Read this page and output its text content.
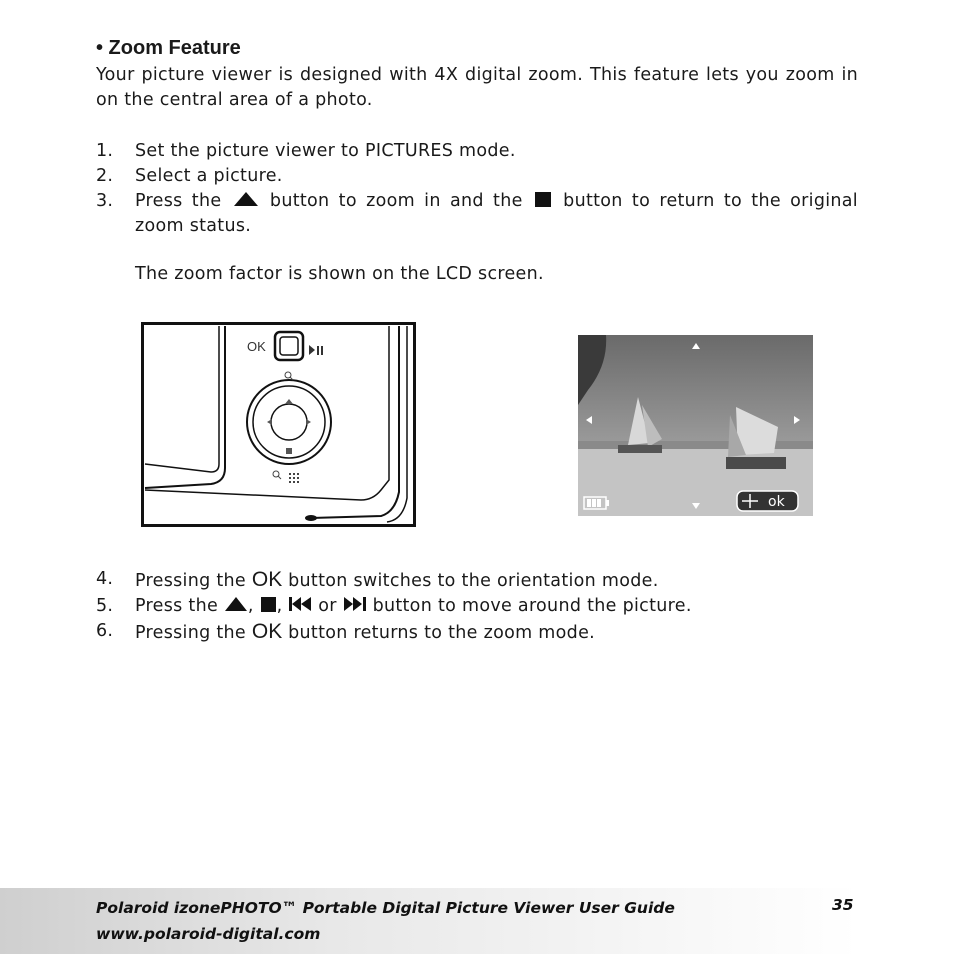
• Zoom Feature
Your picture viewer is designed with 4X digital zoom. This feature lets you zoom in on the central area of a photo.
1. Set the picture viewer to PICTURES mode.
2. Select a picture.
3. Press the	button to zoom in and the button to return to the original zoom status.
The zoom factor is shown on the LCD screen.
OK
ok
4. Pressing the OK button switches to the orientation mode.
5. Press the , , or button to move around the picture.
6. Pressing the OK button returns to the zoom mode.
Polaroid izonePHOTO™ Portable Digital Picture Viewer User Guide
www.polaroid-digital.com
35
